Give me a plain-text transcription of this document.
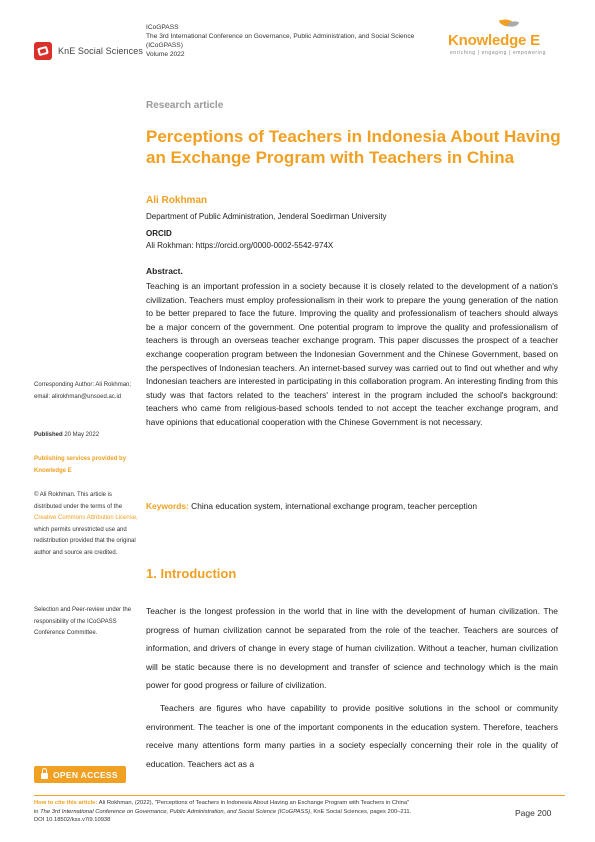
KnE Social Sciences
ICoGPASS
The 3rd International Conference on Governance, Public Administration, and Social Science (ICoGPASS)
Volume 2022
Knowledge E
enriching | engaging | empowering
Research article
Perceptions of Teachers in Indonesia About Having an Exchange Program with Teachers in China
Ali Rokhman
Department of Public Administration, Jenderal Soedirman University
ORCID
Ali Rokhman: https://orcid.org/0000-0002-5542-974X
Abstract.
Teaching is an important profession in a society because it is closely related to the development of a nation's civilization. Teachers must employ professionalism in their work to prepare the young generation of the nation to be better prepared to face the future. Improving the quality and professionalism of teachers should always be a major concern of the government. One potential program to improve the quality and professionalism of teachers is through an overseas teacher exchange program. This paper discusses the prospect of a teacher exchange cooperation program between the Indonesian Government and the Chinese Government, based on the perspectives of Indonesian teachers. An internet-based survey was carried out to find out whether and why Indonesian teachers are interested in participating in this collaboration program. An interesting finding from this study was that factors related to the teachers' interest in the program included the school's background: teachers who came from religious-based schools tended to not accept the teacher exchange program, and have opinions that educational cooperation with the Chinese Government is not necessary.
Keywords: China education system, international exchange program, teacher perception
1. Introduction

Teacher is the longest profession in the world that in line with the development of human civilization. The progress of human civilization cannot be separated from the role of the teacher. Teachers are sources of information, and drivers of change in every stage of human civilization. Without a teacher, human civilization will be static because there is no development and transfer of science and technology which is the main power for good progress or failure of civilization.

Teachers are figures who have capability to provide positive solutions in the school or community environment. The teacher is one of the important components in the education system. Therefore, teachers receive many attentions form many parties in a society especially concerning their role in the quality of education. Teachers act as a

Corresponding Author: Ali Rokhman; email: alirokhman@unsoed.ac.id
Published 20 May 2022
Publishing services provided by Knowledge E
© Ali Rokhman. This article is distributed under the terms of the Creative Commons Attribution License, which permits unrestricted use and redistribution provided that the original author and source are credited.
Selection and Peer-review under the responsibility of the ICoGPASS Conference Committee.
OPEN ACCESS
How to cite this article: Ali Rokhman, (2022), "Perceptions of Teachers in Indonesia About Having an Exchange Program with Teachers in China"
in The 3rd International Conference on Governance, Public Administration, and Social Science (ICoGPASS), KnE Social Sciences, pages 200–211.
DOI 10.18502/kss.v7i9.10938
Page 200
